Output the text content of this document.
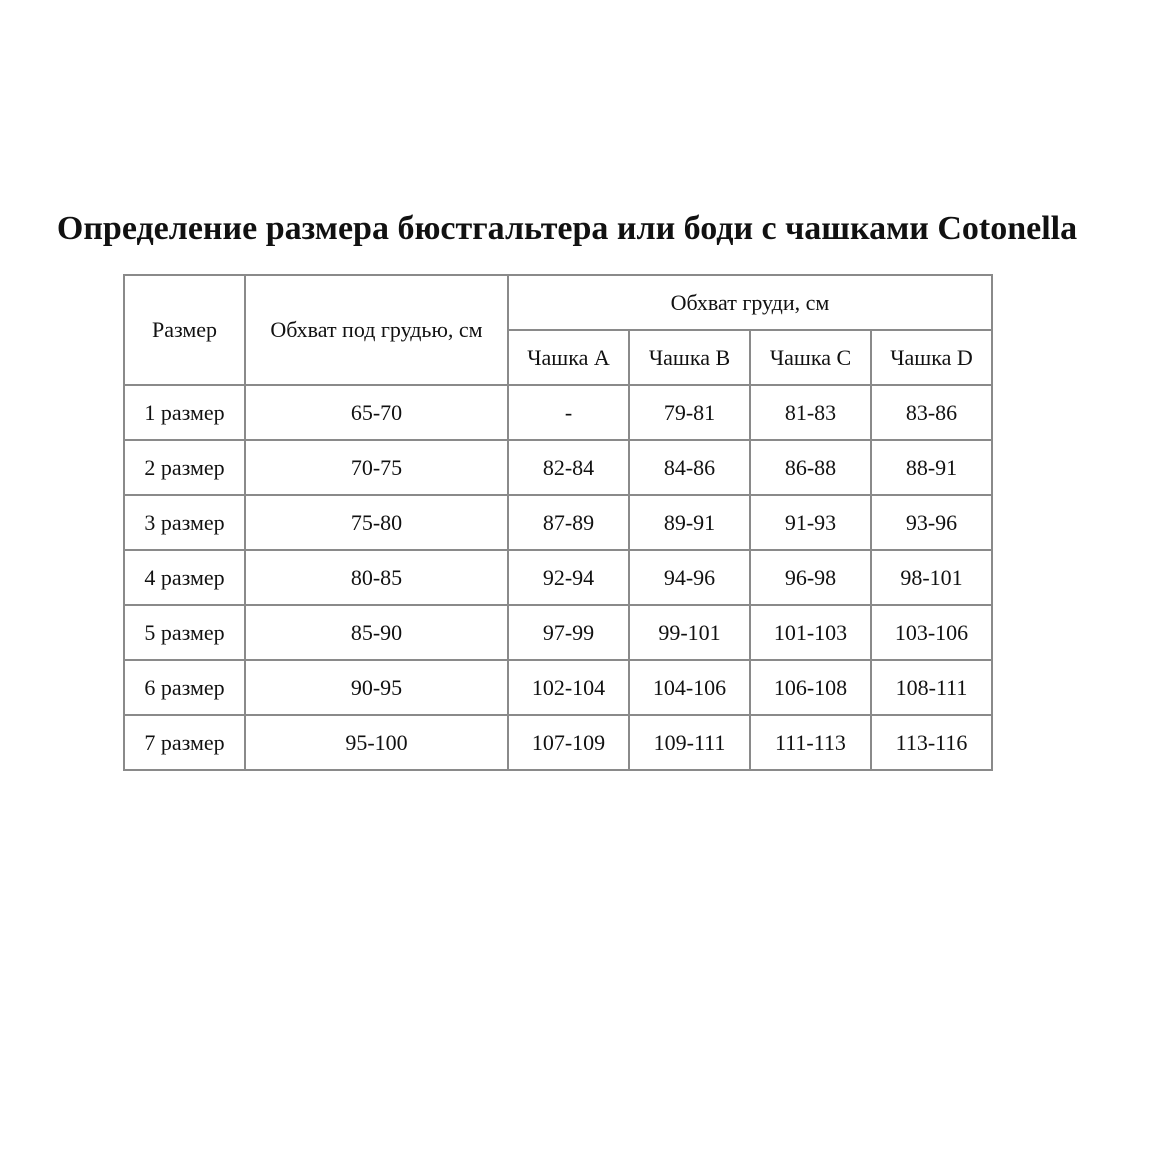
Определение размера бюстгальтера или боди с чашками Cotonella
Размер	Обхват под грудью, см	Обхват груди, см			
		Чашка A	Чашка B	Чашка C	Чашка D
1 размер	65-70	-	79-81	81-83	83-86
2 размер	70-75	82-84	84-86	86-88	88-91
3 размер	75-80	87-89	89-91	91-93	93-96
4 размер	80-85	92-94	94-96	96-98	98-101
5 размер	85-90	97-99	99-101	101-103	103-106
6 размер	90-95	102-104	104-106	106-108	108-111
7 размер	95-100	107-109	109-111	111-113	113-116
